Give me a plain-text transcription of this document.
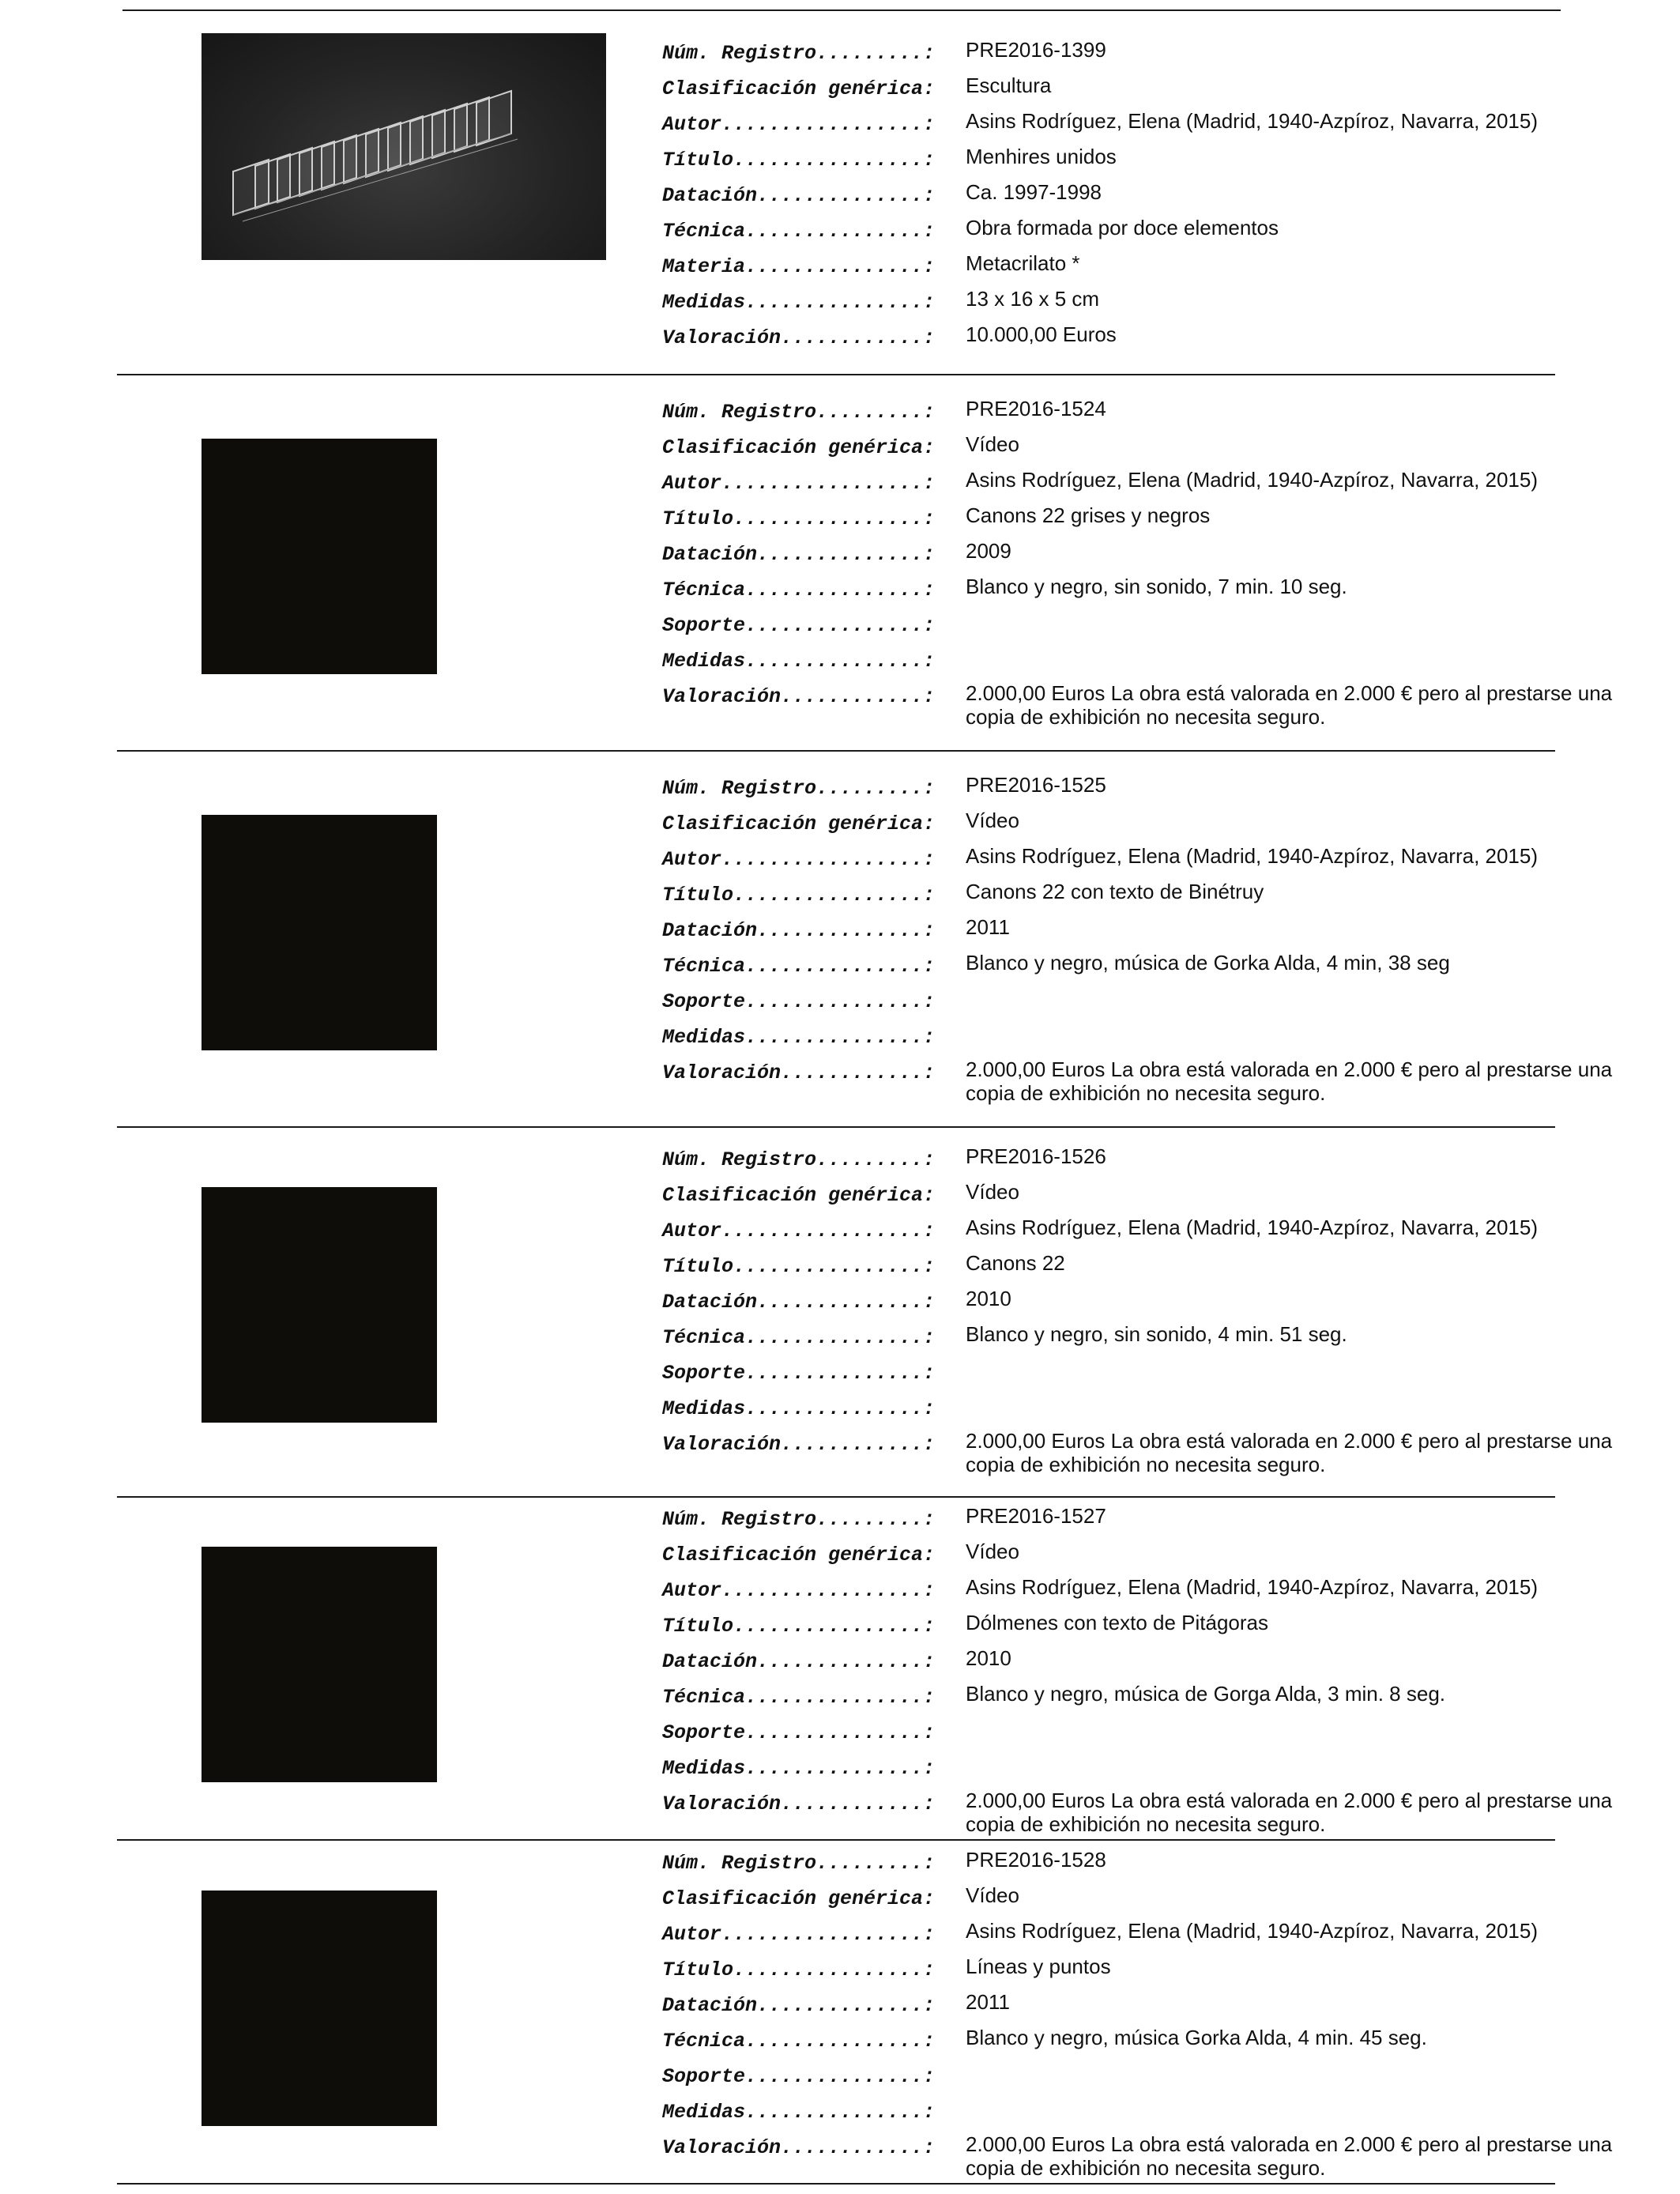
Núm. Registro.........:	PRE2016-1399
Clasificación genérica:	Escultura
Autor.................:	Asins Rodríguez, Elena (Madrid, 1940-Azpíroz, Navarra, 2015)
Título................:	Menhires unidos
Datación..............:	Ca. 1997-1998
Técnica...............:	Obra formada por doce elementos
Materia...............:	Metacrilato *
Medidas...............:	13 x 16 x 5 cm
Valoración............:	10.000,00 Euros
Núm. Registro.........:	PRE2016-1524
Clasificación genérica:	Vídeo
Autor.................:	Asins Rodríguez, Elena (Madrid, 1940-Azpíroz, Navarra, 2015)
Título................:	Canons 22 grises y negros
Datación..............:	2009
Técnica...............:	Blanco y negro, sin sonido, 7 min. 10 seg.
Soporte...............:
Medidas...............:
Valoración............:	2.000,00 Euros La obra está valorada en 2.000 € pero al prestarse una copia de exhibición no necesita seguro.
Núm. Registro.........:	PRE2016-1525
Clasificación genérica:	Vídeo
Autor.................:	Asins Rodríguez, Elena (Madrid, 1940-Azpíroz, Navarra, 2015)
Título................:	Canons 22 con texto de Binétruy
Datación..............:	2011
Técnica...............:	Blanco y negro, música de Gorka Alda, 4 min, 38 seg
Soporte...............:
Medidas...............:
Valoración............:	2.000,00 Euros La obra está valorada en 2.000 € pero al prestarse una copia de exhibición no necesita seguro.
Núm. Registro.........:	PRE2016-1526
Clasificación genérica:	Vídeo
Autor.................:	Asins Rodríguez, Elena (Madrid, 1940-Azpíroz, Navarra, 2015)
Título................:	Canons 22
Datación..............:	2010
Técnica...............:	Blanco y negro, sin sonido, 4 min. 51 seg.
Soporte...............:
Medidas...............:
Valoración............:	2.000,00 Euros La obra está valorada en 2.000 € pero al prestarse una copia de exhibición no necesita seguro.
Núm. Registro.........:	PRE2016-1527
Clasificación genérica:	Vídeo
Autor.................:	Asins Rodríguez, Elena (Madrid, 1940-Azpíroz, Navarra, 2015)
Título................:	Dólmenes con texto de Pitágoras
Datación..............:	2010
Técnica...............:	Blanco y negro, música de Gorga Alda, 3 min. 8 seg.
Soporte...............:
Medidas...............:
Valoración............:	2.000,00 Euros La obra está valorada en 2.000 € pero al prestarse una copia de exhibición no necesita seguro.
Núm. Registro.........:	PRE2016-1528
Clasificación genérica:	Vídeo
Autor.................:	Asins Rodríguez, Elena (Madrid, 1940-Azpíroz, Navarra, 2015)
Título................:	Líneas y puntos
Datación..............:	2011
Técnica...............:	Blanco y negro, música Gorka Alda, 4 min. 45 seg.
Soporte...............:
Medidas...............:
Valoración............:	2.000,00 Euros La obra está valorada en 2.000 € pero al prestarse una copia de exhibición no necesita seguro.
